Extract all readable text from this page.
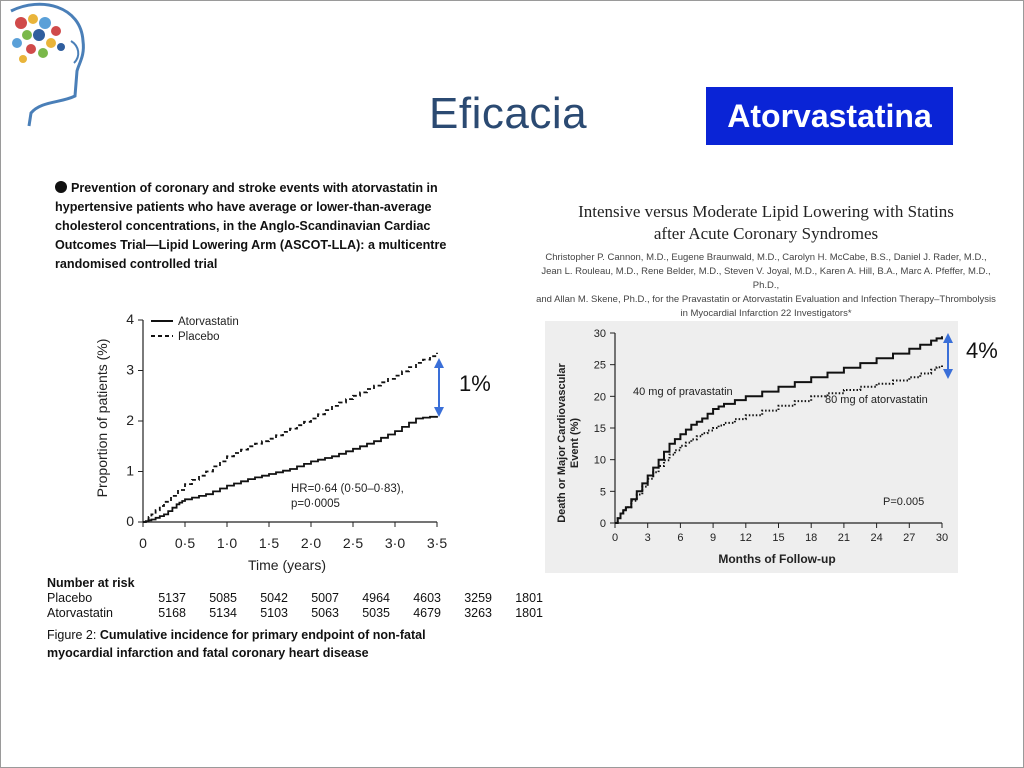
Eficacia	Atorvastatina
Prevention of coronary and stroke events with atorvastatin in hypertensive patients who have average or lower-than-average cholesterol concentrations, in the Anglo-Scandinavian Cardiac Outcomes Trial—Lipid Lowering Arm (ASCOT-LLA): a multicentre randomised controlled trial
0 0·5 1·0 1·5 2·0 2·5 3·0 3·5
0
1
2
3
4
Time (years)
Proportion of patients (%)
Atorvastatin
Placebo
HR=0·64 (0·50–0·83),
p=0·0005
1%
Number at risk
Placebo	5137	5085	5042	5007	4964	4603	3259	1801
Atorvastatin	5168	5134	5103	5063	5035	4679	3263	1801
Figure 2: Cumulative incidence for primary endpoint of non-fatal myocardial infarction and fatal coronary heart disease
Intensive versus Moderate Lipid Lowering with Statins
after Acute Coronary Syndromes
Christopher P. Cannon, M.D., Eugene Braunwald, M.D., Carolyn H. McCabe, B.S., Daniel J. Rader, M.D.,
Jean L. Rouleau, M.D., Rene Belder, M.D., Steven V. Joyal, M.D., Karen A. Hill, B.A., Marc A. Pfeffer, M.D., Ph.D.,
and Allan M. Skene, Ph.D., for the Pravastatin or Atorvastatin Evaluation and Infection Therapy–Thrombolysis
in Myocardial Infarction 22 Investigators*
0 3 6 9 12 15 18 21 24 27 30
0
5
10
15
20
25
30
Months of Follow-up
Death or Major Cardiovascular Event (%)
40 mg of pravastatin
80 mg of atorvastatin
P=0.005
4%
